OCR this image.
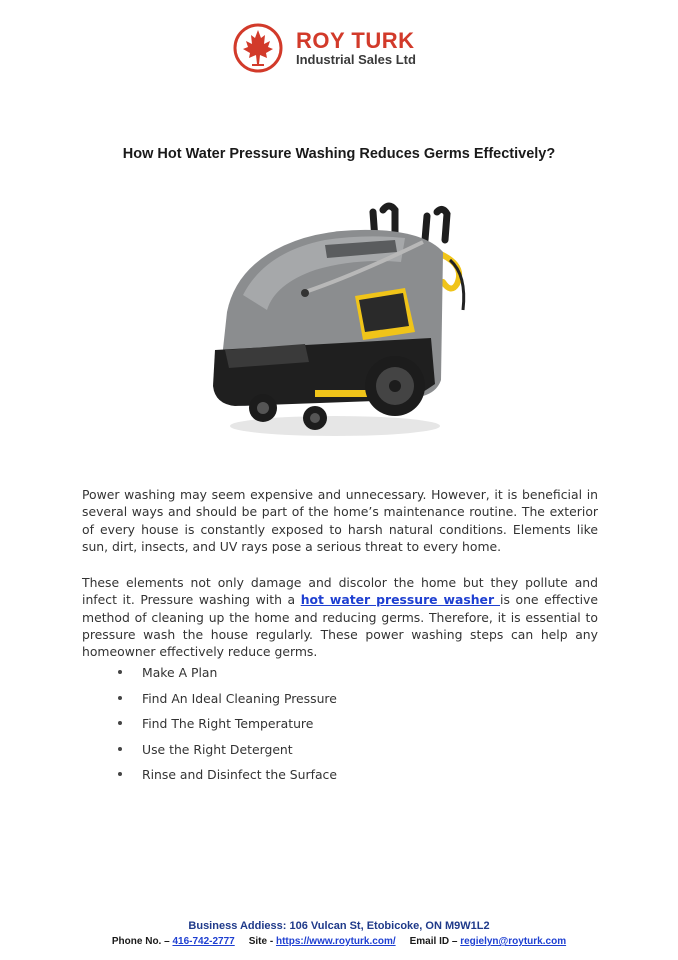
ROY TURK
Industrial Sales Ltd
How Hot Water Pressure Washing Reduces Germs Effectively?

Power washing may seem expensive and unnecessary. However, it is beneficial in several ways and should be part of the home’s maintenance routine. The exterior of every house is constantly exposed to harsh natural conditions. Elements like sun, dirt, insects, and UV rays pose a serious threat to every home.

These elements not only damage and discolor the home but they pollute and infect it. Pressure washing with a hot water pressure washer is one effective method of cleaning up the home and reducing germs. Therefore, it is essential to pressure wash the house regularly. These power washing steps can help any homeowner effectively reduce germs.

Make A Plan
Find An Ideal Cleaning Pressure
Find The Right Temperature
Use the Right Detergent
Rinse and Disinfect the Surface
Business Addiess: 106 Vulcan St, Etobicoke, ON M9W1L2
Phone No. – 416-742-2777 Site - https://www.royturk.com/ Email ID – regielyn@royturk.com
